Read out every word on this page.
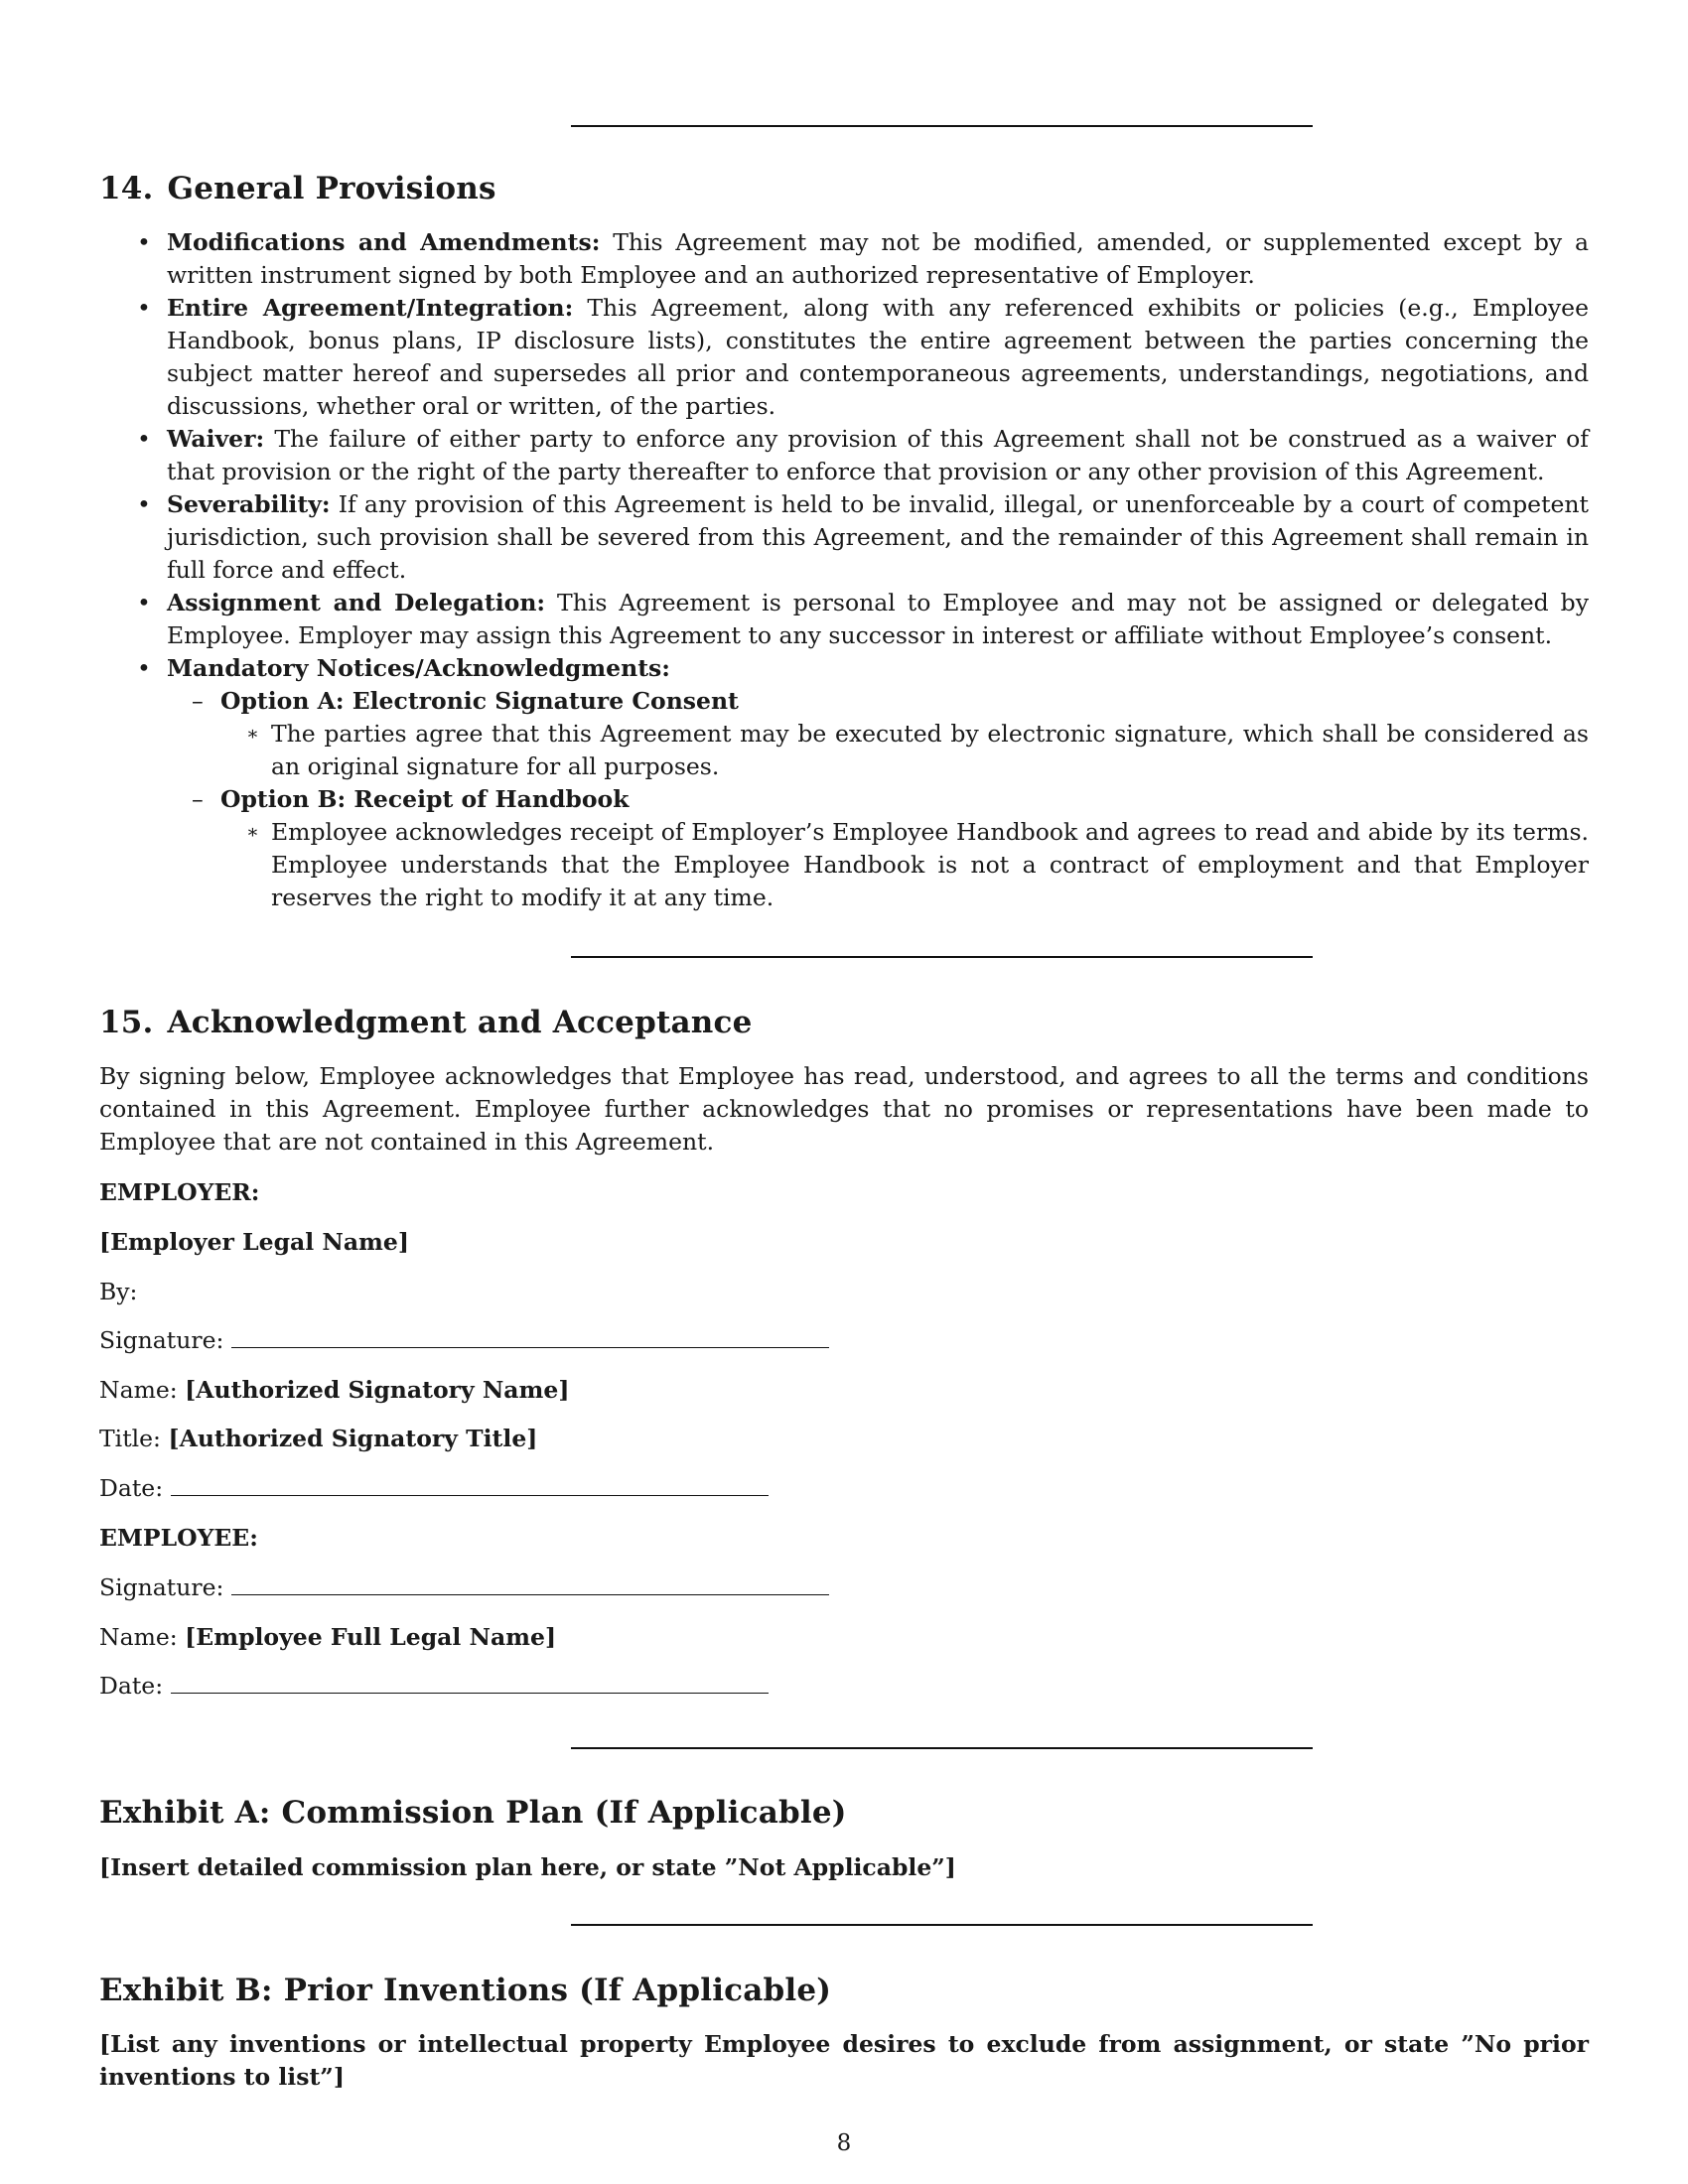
14. General Provisions
• Modifications and Amendments: This Agreement may not be modified, amended, or supplemented except by a written instrument signed by both Employee and an authorized representative of Employer.
• Entire Agreement/Integration: This Agreement, along with any referenced exhibits or policies (e.g., Employee Handbook, bonus plans, IP disclosure lists), constitutes the entire agreement between the parties concerning the subject matter hereof and supersedes all prior and contemporaneous agreements, understandings, negotiations, and discussions, whether oral or written, of the parties.
• Waiver: The failure of either party to enforce any provision of this Agreement shall not be construed as a waiver of that provision or the right of the party thereafter to enforce that provision or any other provision of this Agreement.
• Severability: If any provision of this Agreement is held to be invalid, illegal, or unenforceable by a court of competent jurisdiction, such provision shall be severed from this Agreement, and the remainder of this Agreement shall remain in full force and effect.
• Assignment and Delegation: This Agreement is personal to Employee and may not be assigned or delegated by Employee. Employer may assign this Agreement to any successor in interest or affiliate without Employee’s consent.
• Mandatory Notices/Acknowledgments:
– Option A: Electronic Signature Consent
∗ The parties agree that this Agreement may be executed by electronic signature, which shall be considered as an original signature for all purposes.
– Option B: Receipt of Handbook
∗ Employee acknowledges receipt of Employer’s Employee Handbook and agrees to read and abide by its terms. Employee understands that the Employee Handbook is not a contract of employment and that Employer reserves the right to modify it at any time.
15. Acknowledgment and Acceptance
By signing below, Employee acknowledges that Employee has read, understood, and agrees to all the terms and conditions contained in this Agreement. Employee further acknowledges that no promises or representations have been made to Employee that are not contained in this Agreement.
EMPLOYER:
[Employer Legal Name]
By:
Signature:
Name: [Authorized Signatory Name]
Title: [Authorized Signatory Title]
Date:
EMPLOYEE:
Signature:
Name: [Employee Full Legal Name]
Date:
Exhibit A: Commission Plan (If Applicable)
[Insert detailed commission plan here, or state ”Not Applicable”]
Exhibit B: Prior Inventions (If Applicable)
[List any inventions or intellectual property Employee desires to exclude from assignment, or state ”No prior inventions to list”]
8
